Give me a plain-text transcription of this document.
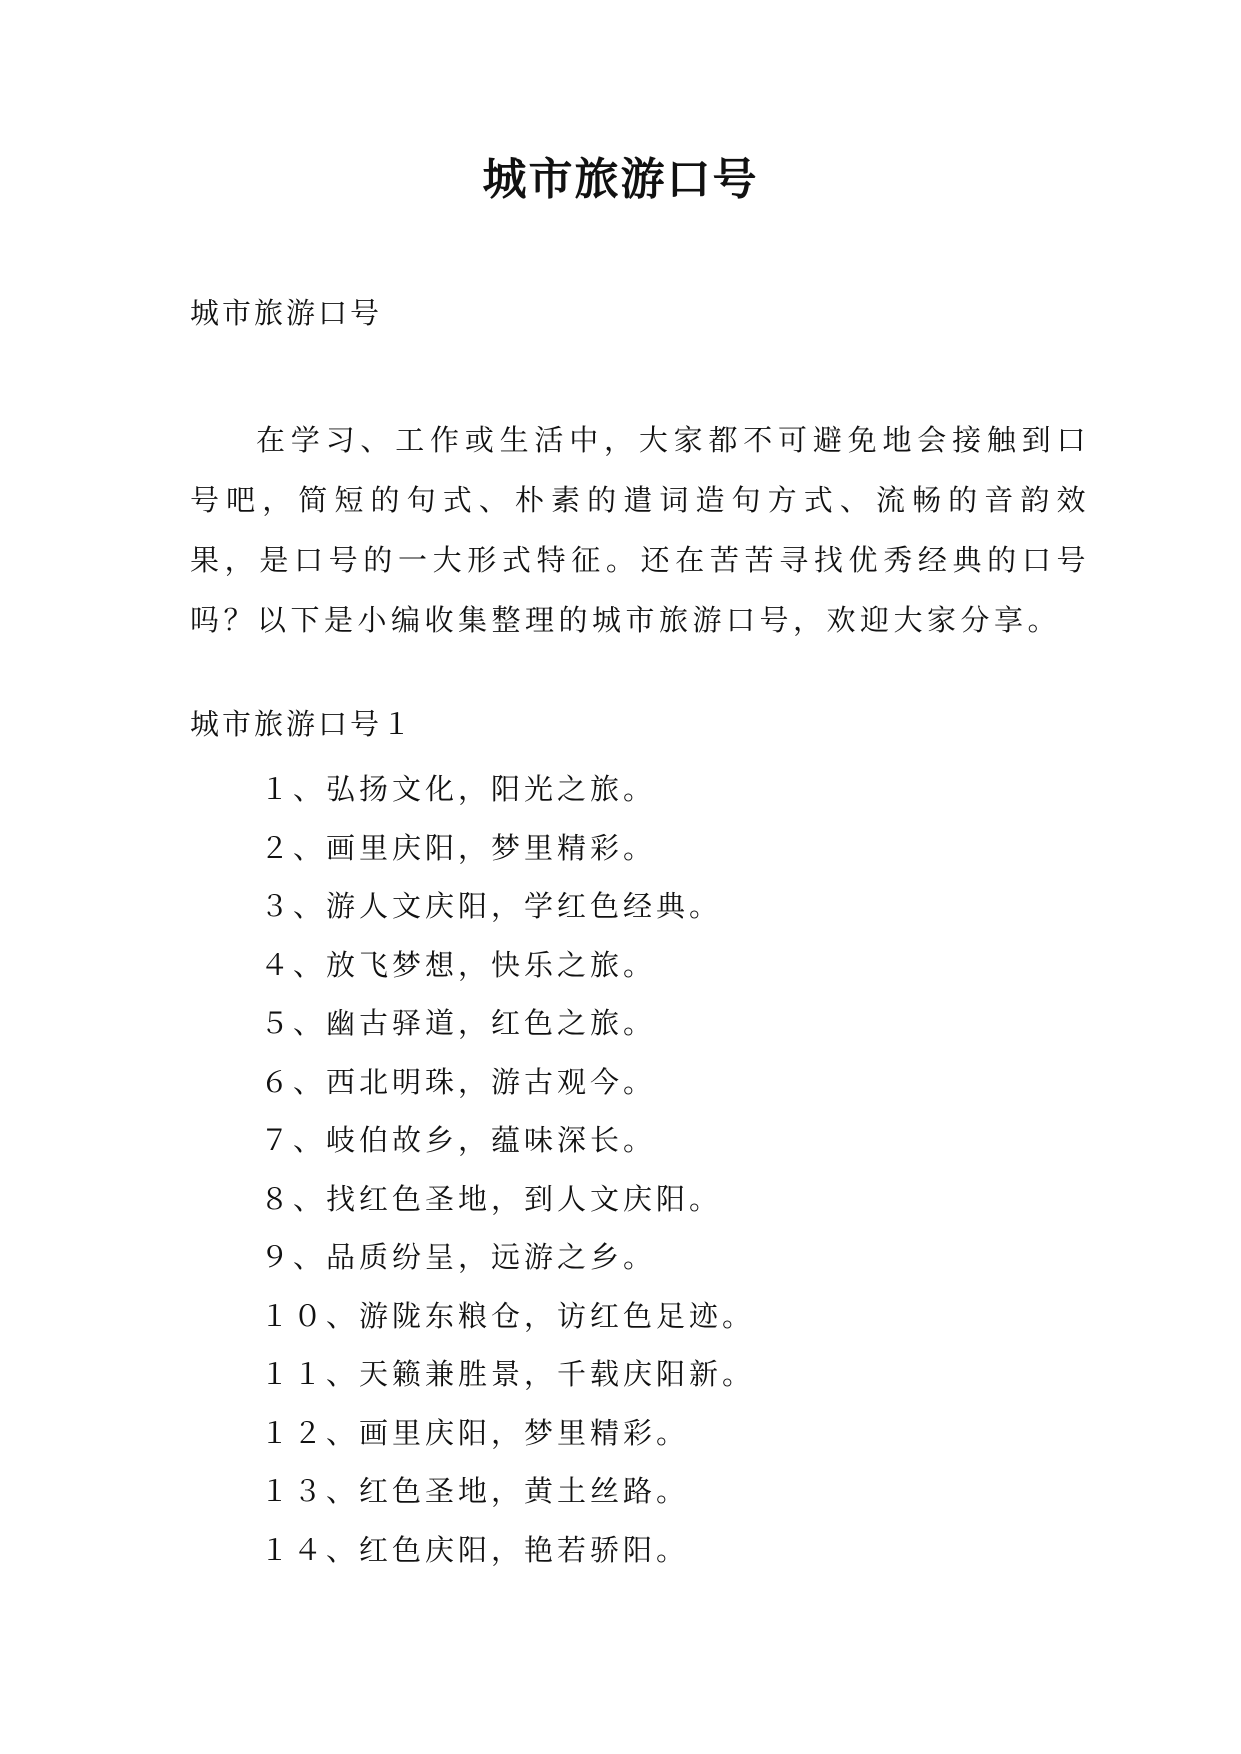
城市旅游口号
城市旅游口号
在学习、工作或生活中，大家都不可避免地会接触到口号吧，简短的句式、朴素的遣词造句方式、流畅的音韵效果，是口号的一大形式特征。还在苦苦寻找优秀经典的口号吗？以下是小编收集整理的城市旅游口号，欢迎大家分享。
城市旅游口号１
１、弘扬文化，阳光之旅。
２、画里庆阳，梦里精彩。
３、游人文庆阳，学红色经典。
４、放飞梦想，快乐之旅。
５、幽古驿道，红色之旅。
６、西北明珠，游古观今。
７、岐伯故乡，蕴味深长。
８、找红色圣地，到人文庆阳。
９、品质纷呈，远游之乡。
１０、游陇东粮仓，访红色足迹。
１１、天籁兼胜景，千载庆阳新。
１２、画里庆阳，梦里精彩。
１３、红色圣地，黄土丝路。
１４、红色庆阳，艳若骄阳。
